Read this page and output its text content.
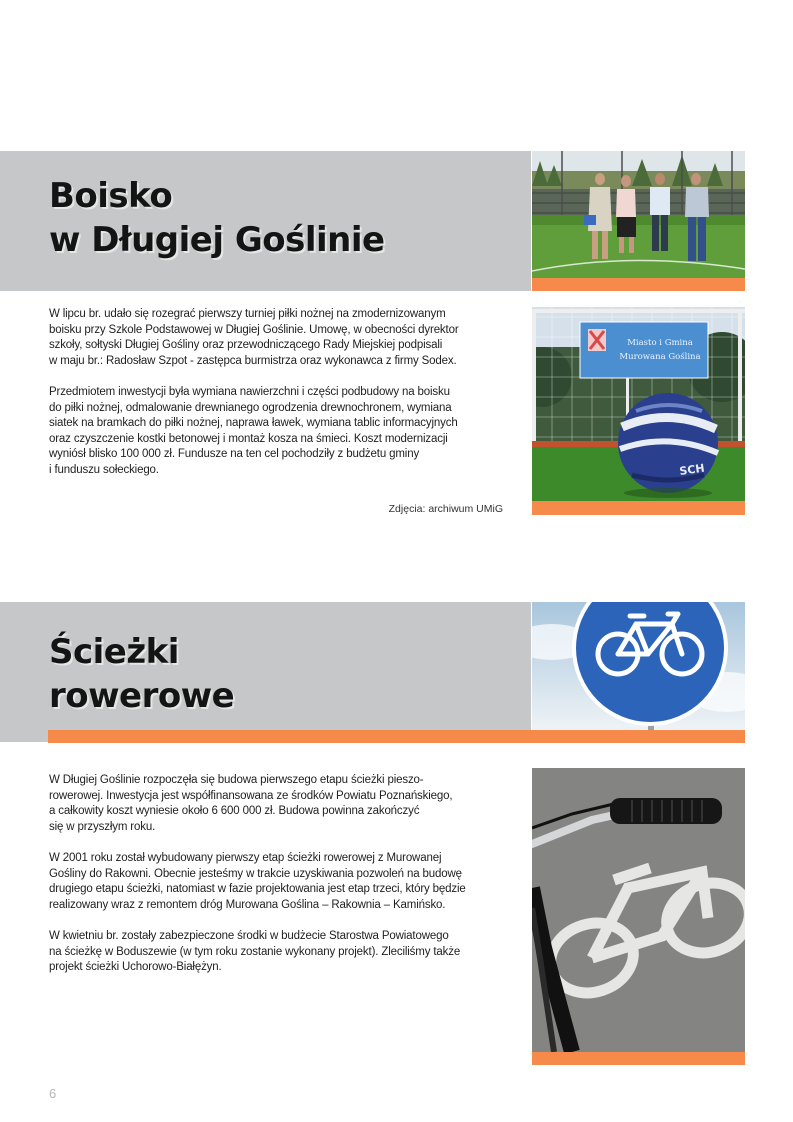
Boisko
w Długiej Goślinie
Miasto i Gmina
Murowana Goślina
SCH

W lipcu br. udało się rozegrać pierwszy turniej piłki nożnej na zmodernizowanym
boisku przy Szkole Podstawowej w Długiej Goślinie. Umowę, w obecności dyrektor
szkoły, sołtyski Długiej Gośliny oraz przewodniczącego Rady Miejskiej podpisali
w maju br.: Radosław Szpot - zastępca burmistrza oraz wykonawca z firmy Sodex.

Przedmiotem inwestycji była wymiana nawierzchni i części podbudowy na boisku
do piłki nożnej, odmalowanie drewnianego ogrodzenia drewnochronem, wymiana
siatek na bramkach do piłki nożnej, naprawa ławek, wymiana tablic informacyjnych
oraz czyszczenie kostki betonowej i montaż kosza na śmieci. Koszt modernizacji
wyniósł blisko 100 000 zł. Fundusze na ten cel pochodziły z budżetu gminy
i funduszu sołeckiego.

Zdjęcia: archiwum UMiG
Ścieżki
rowerowe

W Długiej Goślinie rozpoczęła się budowa pierwszego etapu ścieżki pieszo-
rowerowej. Inwestycja jest współfinansowana ze środków Powiatu Poznańskiego,
a całkowity koszt wyniesie około 6 600 000 zł. Budowa powinna zakończyć
się w przyszłym roku.

W 2001 roku został wybudowany pierwszy etap ścieżki rowerowej z Murowanej
Gośliny do Rakowni. Obecnie jesteśmy w trakcie uzyskiwania pozwoleń na budowę
drugiego etapu ścieżki, natomiast w fazie projektowania jest etap trzeci, który będzie
realizowany wraz z remontem dróg Murowana Goślina – Rakownia – Kamińsko.

W kwietniu br. zostały zabezpieczone środki w budżecie Starostwa Powiatowego
na ścieżkę w Boduszewie (w tym roku zostanie wykonany projekt). Zleciliśmy także
projekt ścieżki Uchorowo-Białężyn.

6
